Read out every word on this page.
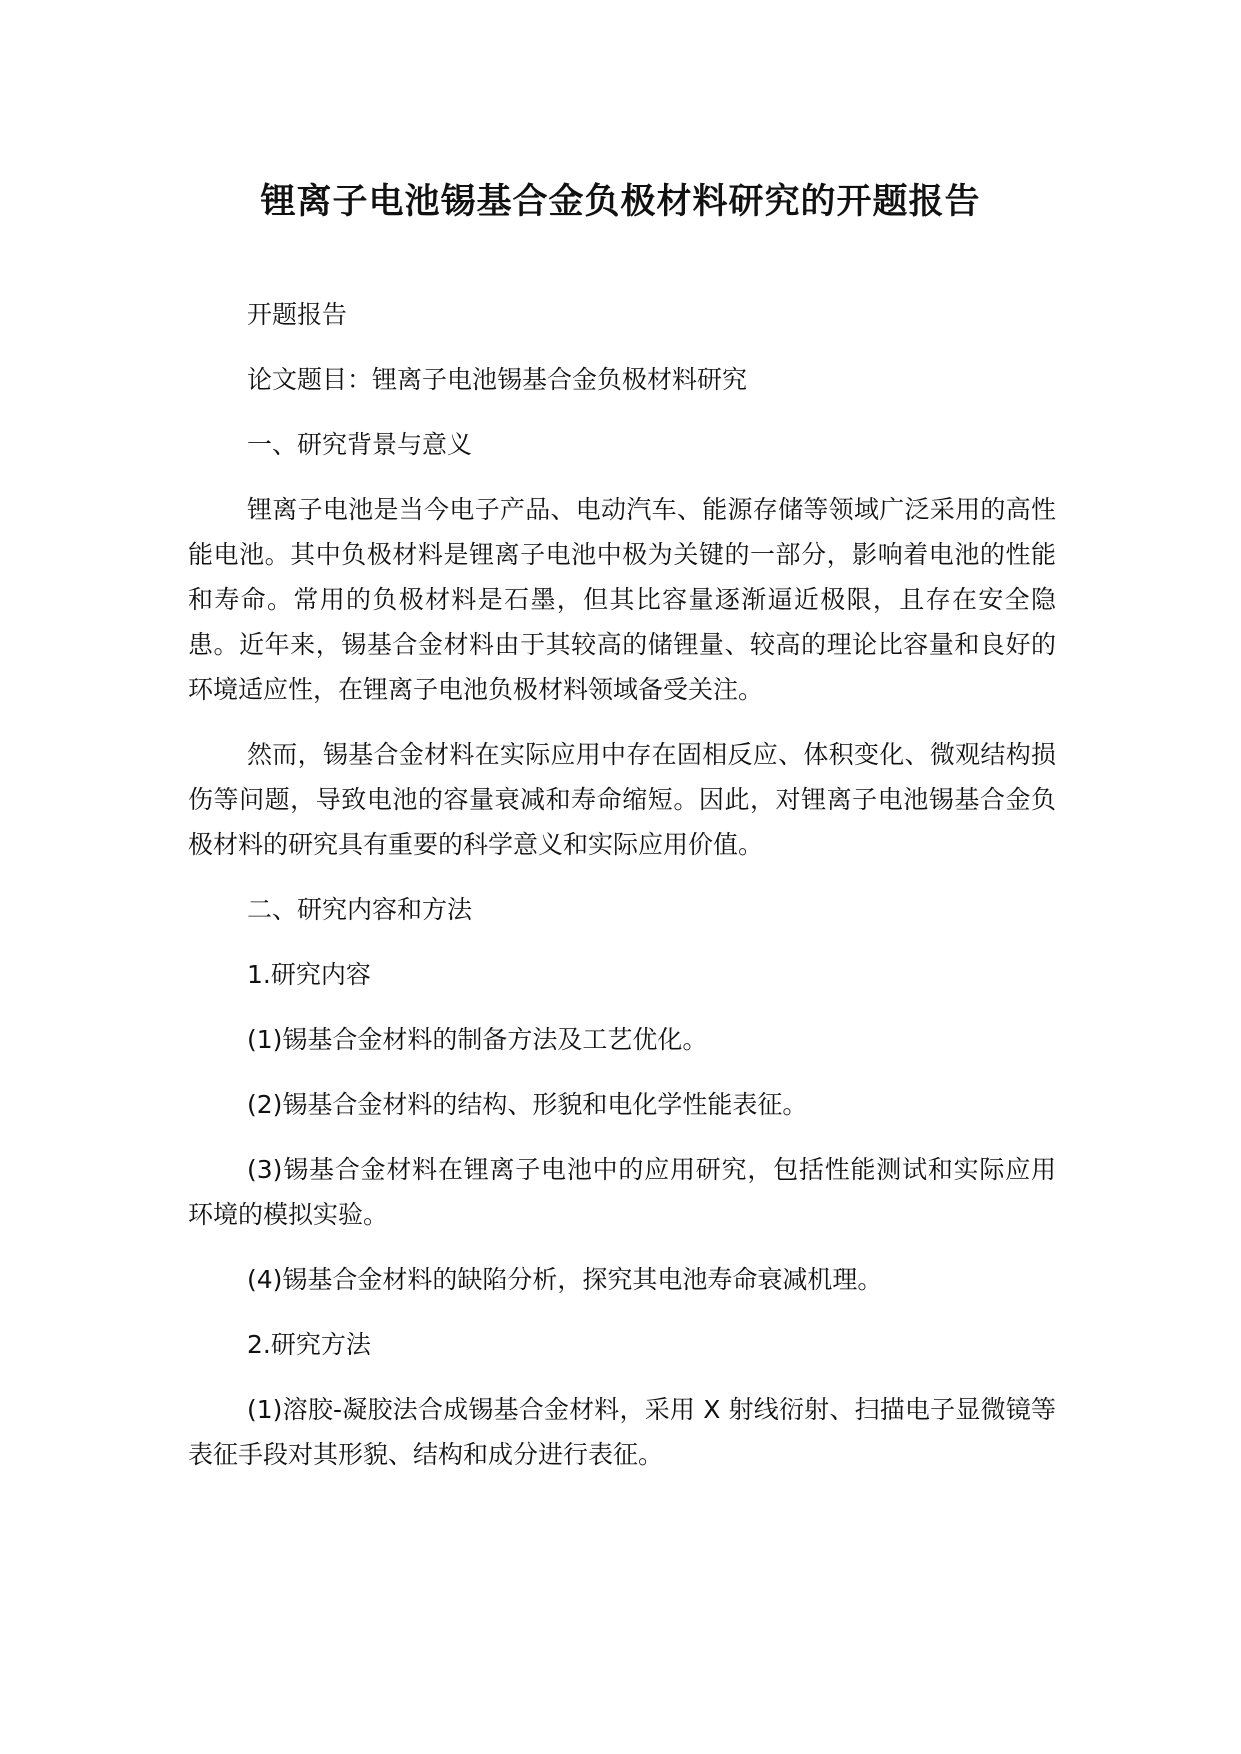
锂离子电池锡基合金负极材料研究的开题报告

开题报告

论文题目：锂离子电池锡基合金负极材料研究

一、研究背景与意义

锂离子电池是当今电子产品、电动汽车、能源存储等领域广泛采用的高性能电池。其中负极材料是锂离子电池中极为关键的一部分，影响着电池的性能和寿命。常用的负极材料是石墨，但其比容量逐渐逼近极限，且存在安全隐患。近年来，锡基合金材料由于其较高的储锂量、较高的理论比容量和良好的环境适应性，在锂离子电池负极材料领域备受关注。

然而，锡基合金材料在实际应用中存在固相反应、体积变化、微观结构损伤等问题，导致电池的容量衰减和寿命缩短。因此，对锂离子电池锡基合金负极材料的研究具有重要的科学意义和实际应用价值。

二、研究内容和方法

1.研究内容

(1)锡基合金材料的制备方法及工艺优化。

(2)锡基合金材料的结构、形貌和电化学性能表征。

(3)锡基合金材料在锂离子电池中的应用研究，包括性能测试和实际应用环境的模拟实验。

(4)锡基合金材料的缺陷分析，探究其电池寿命衰减机理。

2.研究方法

(1)溶胶-凝胶法合成锡基合金材料，采用 X 射线衍射、扫描电子显微镜等表征手段对其形貌、结构和成分进行表征。
